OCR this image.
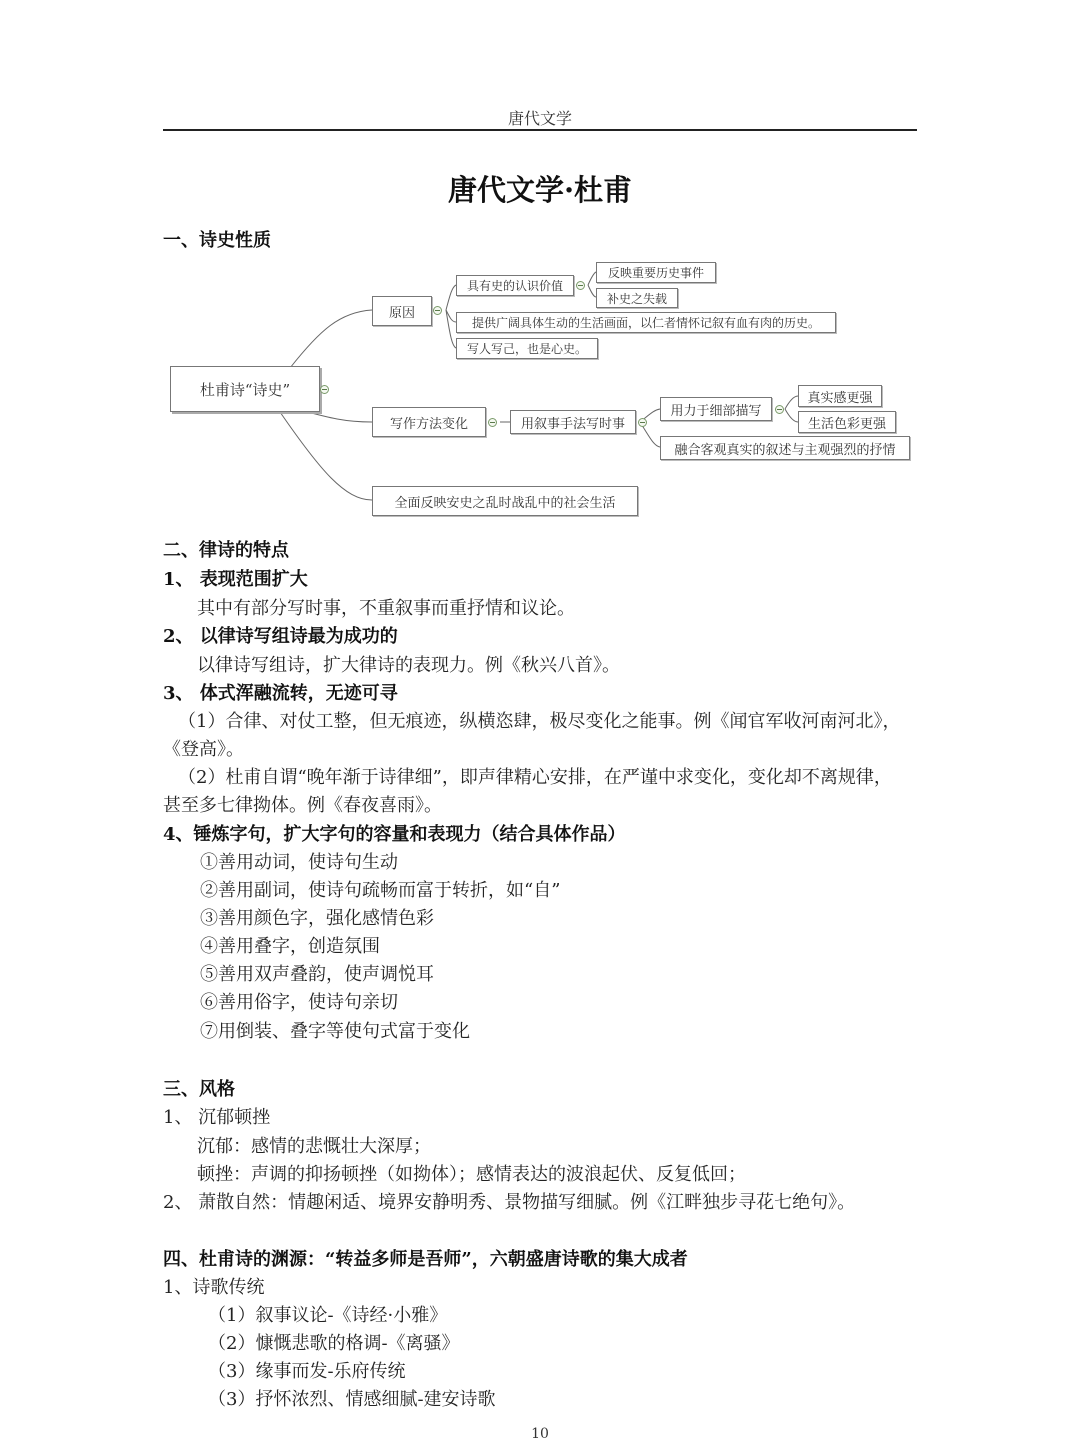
唐代文学
唐代文学·杜甫
一、诗史性质
杜甫诗“诗史”
原因
具有史的认识价值
反映重要历史事件
补史之失载
提供广阔具体生动的生活画面，以仁者情怀记叙有血有肉的历史。
写人写己，也是心史。
写作方法变化	用叙事手法写时事
用力于细部描写
真实感更强
生活色彩更强
融合客观真实的叙述与主观强烈的抒情
全面反映安史之乱时战乱中的社会生活
二、律诗的特点
1、 表现范围扩大
其中有部分写时事，不重叙事而重抒情和议论。
2、 以律诗写组诗最为成功的
以律诗写组诗，扩大律诗的表现力。例《秋兴八首》。
3、 体式浑融流转，无迹可寻
（1）合律、对仗工整，但无痕迹，纵横恣肆，极尽变化之能事。例《闻官军收河南河北》，
《登高》。
（2）杜甫自谓“晚年渐于诗律细”，即声律精心安排，在严谨中求变化，变化却不离规律，
甚至多七律拗体。例《春夜喜雨》。
4、锤炼字句，扩大字句的容量和表现力（结合具体作品）
①善用动词，使诗句生动
②善用副词，使诗句疏畅而富于转折，如“自”
③善用颜色字，强化感情色彩
④善用叠字，创造氛围
⑤善用双声叠韵，使声调悦耳
⑥善用俗字，使诗句亲切
⑦用倒装、叠字等使句式富于变化
三、风格
1、 沉郁顿挫
沉郁：感情的悲慨壮大深厚；
顿挫：声调的抑扬顿挫（如拗体）；感情表达的波浪起伏、反复低回；
2、 萧散自然：情趣闲适、境界安静明秀、景物描写细腻。例《江畔独步寻花七绝句》。
四、杜甫诗的渊源：“转益多师是吾师”，六朝盛唐诗歌的集大成者
1、诗歌传统
（1）叙事议论-《诗经·小雅》
（2）慷慨悲歌的格调-《离骚》
（3）缘事而发-乐府传统
（3）抒怀浓烈、情感细腻-建安诗歌
10
